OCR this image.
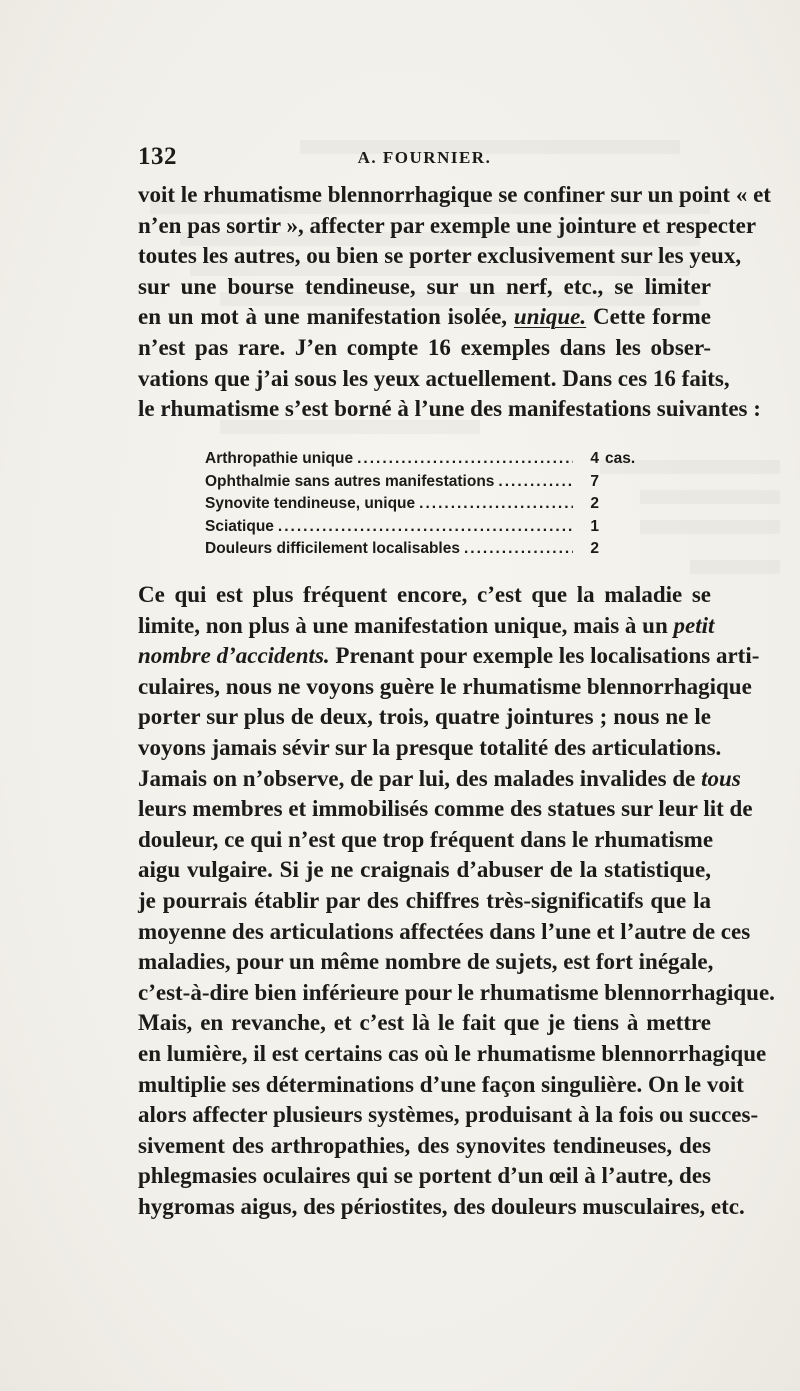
132	A. FOURNIER.
voit le rhumatisme blennorrhagique se confiner sur un point « et
n’en pas sortir », affecter par exemple une jointure et respecter
toutes les autres, ou bien se porter exclusivement sur les yeux,
sur une bourse tendineuse, sur un nerf, etc., se limiter
en un mot à une manifestation isolée, unique. Cette forme
n’est pas rare. J’en compte 16 exemples dans les obser-
vations que j’ai sous les yeux actuellement. Dans ces 16 faits,
le rhumatisme s’est borné à l’une des manifestations suivantes :
Arthropathie unique .....	4 cas.
Ophthalmie sans autres manifestations .....	7
Synovite tendineuse, unique .....	2
Sciatique .....	1
Douleurs difficilement localisables .....	2
Ce qui est plus fréquent encore, c’est que la maladie se
limite, non plus à une manifestation unique, mais à un petit
nombre d’accidents. Prenant pour exemple les localisations arti-
culaires, nous ne voyons guère le rhumatisme blennorrhagique
porter sur plus de deux, trois, quatre jointures ; nous ne le
voyons jamais sévir sur la presque totalité des articulations.
Jamais on n’observe, de par lui, des malades invalides de tous
leurs membres et immobilisés comme des statues sur leur lit de
douleur, ce qui n’est que trop fréquent dans le rhumatisme
aigu vulgaire. Si je ne craignais d’abuser de la statistique,
je pourrais établir par des chiffres très-significatifs que la
moyenne des articulations affectées dans l’une et l’autre de ces
maladies, pour un même nombre de sujets, est fort inégale,
c’est-à-dire bien inférieure pour le rhumatisme blennorrhagique.
Mais, en revanche, et c’est là le fait que je tiens à mettre
en lumière, il est certains cas où le rhumatisme blennorrhagique
multiplie ses déterminations d’une façon singulière. On le voit
alors affecter plusieurs systèmes, produisant à la fois ou succes-
sivement des arthropathies, des synovites tendineuses, des
phlegmasies oculaires qui se portent d’un œil à l’autre, des
hygromas aigus, des périostites, des douleurs musculaires, etc.
